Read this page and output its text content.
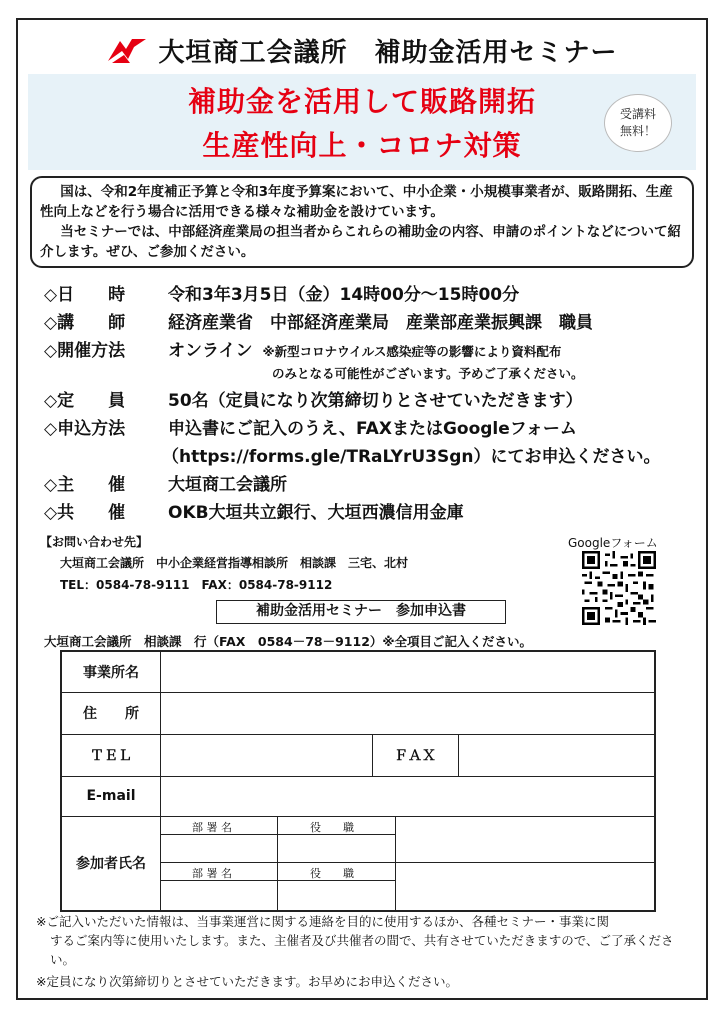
大垣商工会議所　補助金活用セミナー
補助金を活用して販路開拓
生産性向上・コロナ対策
受講料
無料！

国は、令和2年度補正予算と令和3年度予算案において、中小企業・小規模事業者が、販路開拓、生産性向上などを行う場合に活用できる様々な補助金を設けています。

当セミナーでは、中部経済産業局の担当者からこれらの補助金の内容、申請のポイントなどについて紹介します。ぜひ、ご参加ください。

◇日　　時	令和3年3月5日（金）14時00分～15時00分
◇講　　師	経済産業省　中部経済産業局　産業部産業振興課　職員
◇開催方法	オンライン ※新型コロナウイルス感染症等の影響により資料配布
のみとなる可能性がございます。予めご了承ください。
◇定　　員	50名（定員になり次第締切りとさせていただきます）
◇申込方法	申込書にご記入のうえ、FAXまたはGoogleフォーム
（https://forms.gle/TRaLYrU3Sgn）にてお申込ください。
◇主　　催	大垣商工会議所
◇共　　催	OKB大垣共立銀行、大垣西濃信用金庫
【お問い合わせ先】
大垣商工会議所　中小企業経営指導相談所　相談課　三宅、北村
TEL：0584-78-9111　FAX：0584-78-9112
Googleフォーム
補助金活用セミナー　参加申込書
大垣商工会議所　相談課　行（FAX　0584－78－9112）※全項目ご記入ください。
事業所名
住　　所
ＴＥＬ	ＦＡＸ
E-mail
参加者氏名
部 署 名	役　　職
部 署 名	役　　職
※ご記入いただいた情報は、当事業運営に関する連絡を目的に使用するほか、各種セミナー・事業に関
するご案内等に使用いたします。また、主催者及び共催者の間で、共有させていただきますので、ご了承ください。
※定員になり次第締切りとさせていただきます。お早めにお申込ください。
